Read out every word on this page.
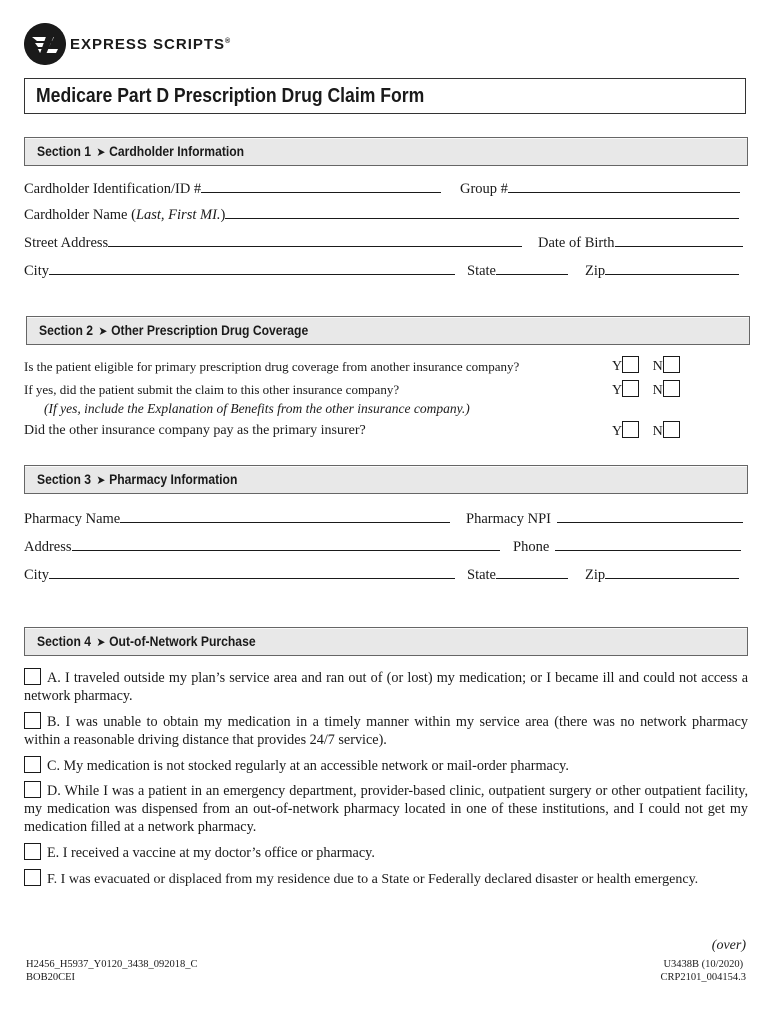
EXPRESS SCRIPTS®
Medicare Part D Prescription Drug Claim Form
Section 1 ➤ Cardholder Information
Cardholder Identification/ID #	Group #
Cardholder Name (Last, First MI.)
Street Address	Date of Birth
City	State	Zip
Section 2 ➤ Other Prescription Drug Coverage
Is the patient eligible for primary prescription drug coverage from another insurance company?	Y N
If yes, did the patient submit the claim to this other insurance company?	Y N
(If yes, include the Explanation of Benefits from the other insurance company.)
Did the other insurance company pay as the primary insurer?	Y N
Section 3 ➤ Pharmacy Information
Pharmacy Name	Pharmacy NPI
Address	Phone
City	State	Zip
Section 4 ➤ Out-of-Network Purchase
A. I traveled outside my plan’s service area and ran out of (or lost) my medication; or I became ill and could not access a network pharmacy.
B. I was unable to obtain my medication in a timely manner within my service area (there was no network pharmacy within a reasonable driving distance that provides 24/7 service).
C. My medication is not stocked regularly at an accessible network or mail-order pharmacy.
D. While I was a patient in an emergency department, provider-based clinic, outpatient surgery or other outpatient facility, my medication was dispensed from an out-of-network pharmacy located in one of these institutions, and I could not get my medication filled at a network pharmacy.
E. I received a vaccine at my doctor’s office or pharmacy.
F. I was evacuated or displaced from my residence due to a State or Federally declared disaster or health emergency.
(over)
H2456_H5937_Y0120_3438_092018_C
BOB20CEI
U3438B (10/2020)
CRP2101_004154.3
